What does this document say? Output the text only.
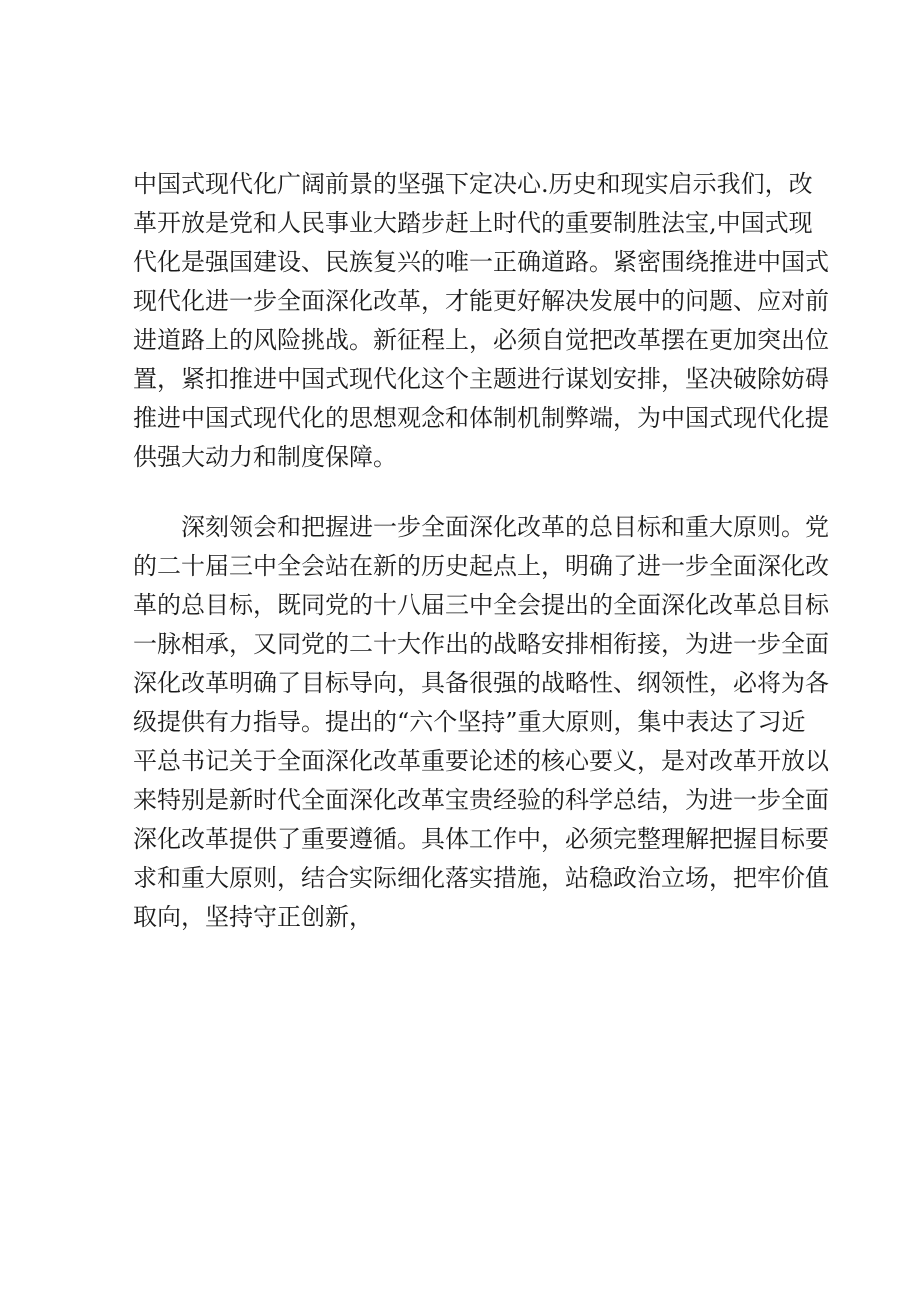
中国式现代化广阔前景的坚强下定决心.历史和现实启示我们，改
革开放是党和人民事业大踏步赶上时代的重要制胜法宝,中国式现
代化是强国建设、民族复兴的唯一正确道路。紧密围绕推进中国式
现代化进一步全面深化改革，才能更好解决发展中的问题、应对前
进道路上的风险挑战。新征程上，必须自觉把改革摆在更加突出位
置，紧扣推进中国式现代化这个主题进行谋划安排，坚决破除妨碍
推进中国式现代化的思想观念和体制机制弊端，为中国式现代化提
供强大动力和制度保障。
深刻领会和把握进一步全面深化改革的总目标和重大原则。党
的二十届三中全会站在新的历史起点上，明确了进一步全面深化改
革的总目标，既同党的十八届三中全会提出的全面深化改革总目标
一脉相承，又同党的二十大作出的战略安排相衔接，为进一步全面
深化改革明确了目标导向，具备很强的战略性、纲领性，必将为各
级提供有力指导。提出的“六个坚持”重大原则，集中表达了习近
平总书记关于全面深化改革重要论述的核心要义，是对改革开放以
来特别是新时代全面深化改革宝贵经验的科学总结，为进一步全面
深化改革提供了重要遵循。具体工作中，必须完整理解把握目标要
求和重大原则，结合实际细化落实措施，站稳政治立场，把牢价值
取向，坚持守正创新，
